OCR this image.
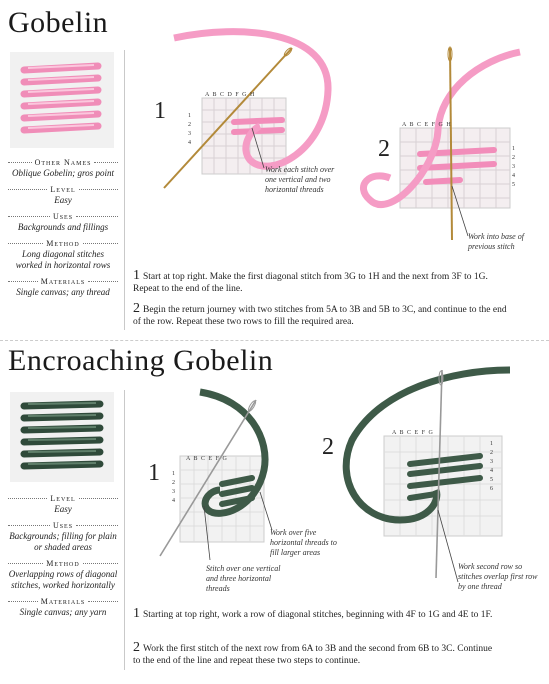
Gobelin
Other Names
Oblique Gobelin; gros point
Level
Easy
Uses
Backgrounds and fillings
Method
Long diagonal stitches worked in horizontal rows
Materials
Single canvas; any thread
1
Work each stitch over one vertical and two horizontal threads
2
Work into base of previous stitch
1 Start at top right. Make the first diagonal stitch from 3G to 1H and the next from 3F to 1G. Repeat to the end of the line.
2 Begin the return journey with two stitches from 5A to 3B and 5B to 3C, and continue to the end of the row. Repeat these two rows to fill the required area.
Encroaching Gobelin
Level
Easy
Uses
Backgrounds; filling for plain or shaded areas
Method
Overlapping rows of diagonal stitches, worked horizontally
Materials
Single canvas; any yarn
1
Work over five horizontal threads to fill larger areas
Stitch over one vertical and three horizontal threads
2
Work second row so stitches overlap first row by one thread
1 Starting at top right, work a row of diagonal stitches, beginning with 4F to 1G and 4E to 1F.
2 Work the first stitch of the next row from 6A to 3B and the second from 6B to 3C. Continue to the end of the line and repeat these two steps to continue.
A B C D F G H
A B C E F G H
1 2 3 4
1 2 3 4 5
A B C E F G
A B C E F G
1 2 3 4
1 2 3 4 5 6
